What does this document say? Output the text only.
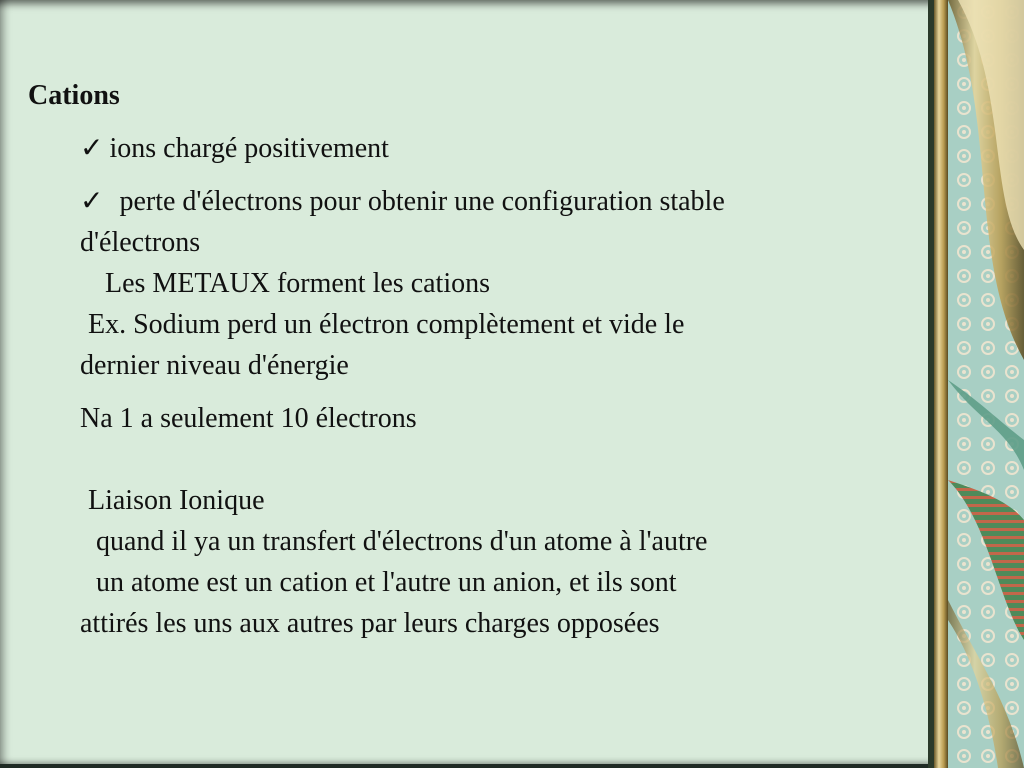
Cations
✓ ions chargé positivement
✓ perte d'électrons pour obtenir une configuration stable
d'électrons
Les METAUX forment les cations
Ex. Sodium perd un électron complètement et vide le
dernier niveau d'énergie
Na 1 a seulement 10 électrons
Liaison Ionique
quand il ya un transfert d'électrons d'un atome à l'autre
un atome est un cation et l'autre un anion, et ils sont
attirés les uns aux autres par leurs charges opposées
